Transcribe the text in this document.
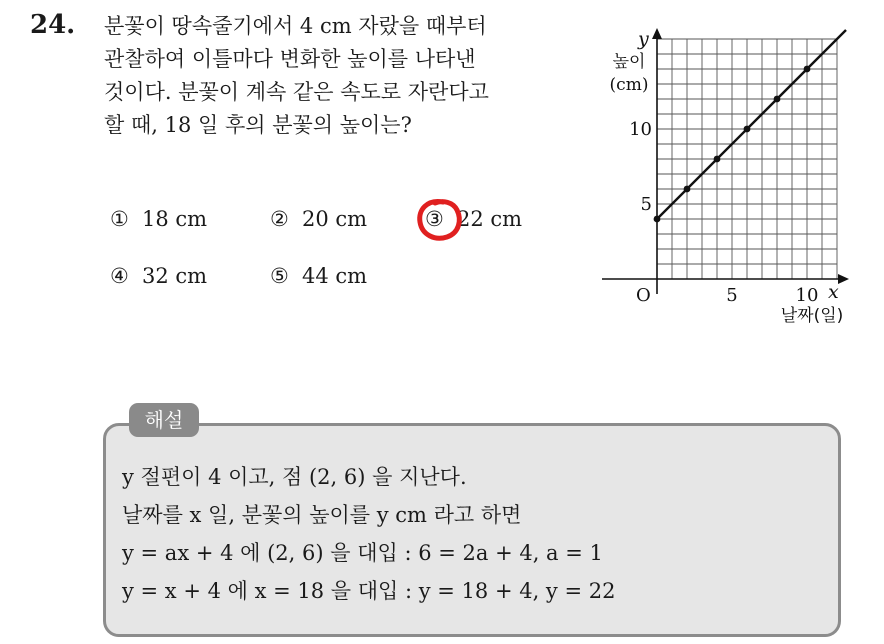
24. 분꽃이 땅속줄기에서 4 cm 자랐을 때부터
관찰하여 이틀마다 변화한 높이를 나타낸
것이다. 분꽃이 계속 같은 속도로 자란다고
할 때, 18 일 후의 분꽃의 높이는?
① 18 cm	② 20 cm	③ 22 cm
④ 32 cm	⑤ 44 cm
5	10
5
10
y
높이
(cm)
O	x
날짜(일)
해설
y 절편이 4 이고, 점 (2, 6) 을 지난다.
날짜를 x 일, 분꽃의 높이를 y cm 라고 하면
y = ax + 4 에 (2, 6) 을 대입 : 6 = 2a + 4, a = 1
y = x + 4 에 x = 18 을 대입 : y = 18 + 4, y = 22
